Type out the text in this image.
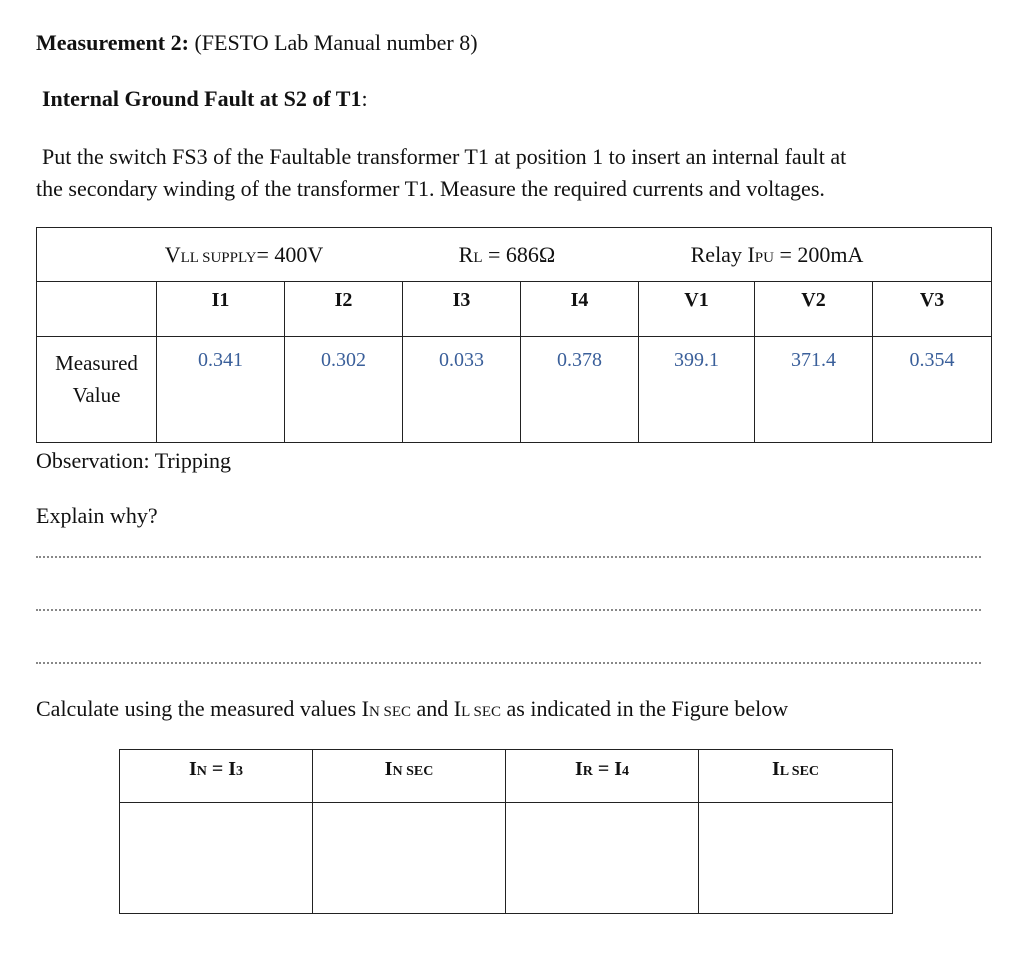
Measurement 2: (FESTO Lab Manual number 8)
Internal Ground Fault at S2 of T1:
Put the switch FS3 of the Faultable transformer T1 at position 1 to insert an internal fault at
the secondary winding of the transformer T1. Measure the required currents and voltages.
VLL SUPPLY= 400V RL = 686Ω Relay IPU = 200mA							

	I1	I2	I3	I4	V1	V2	V3

Measured
Value	0.341	0.302	0.033	0.378	399.1	371.4	0.354
Observation: Tripping
Explain why?
Calculate using the measured values IN SEC and IL SEC as indicated in the Figure below
IN = I3	IN SEC	IR = I4	IL SEC
